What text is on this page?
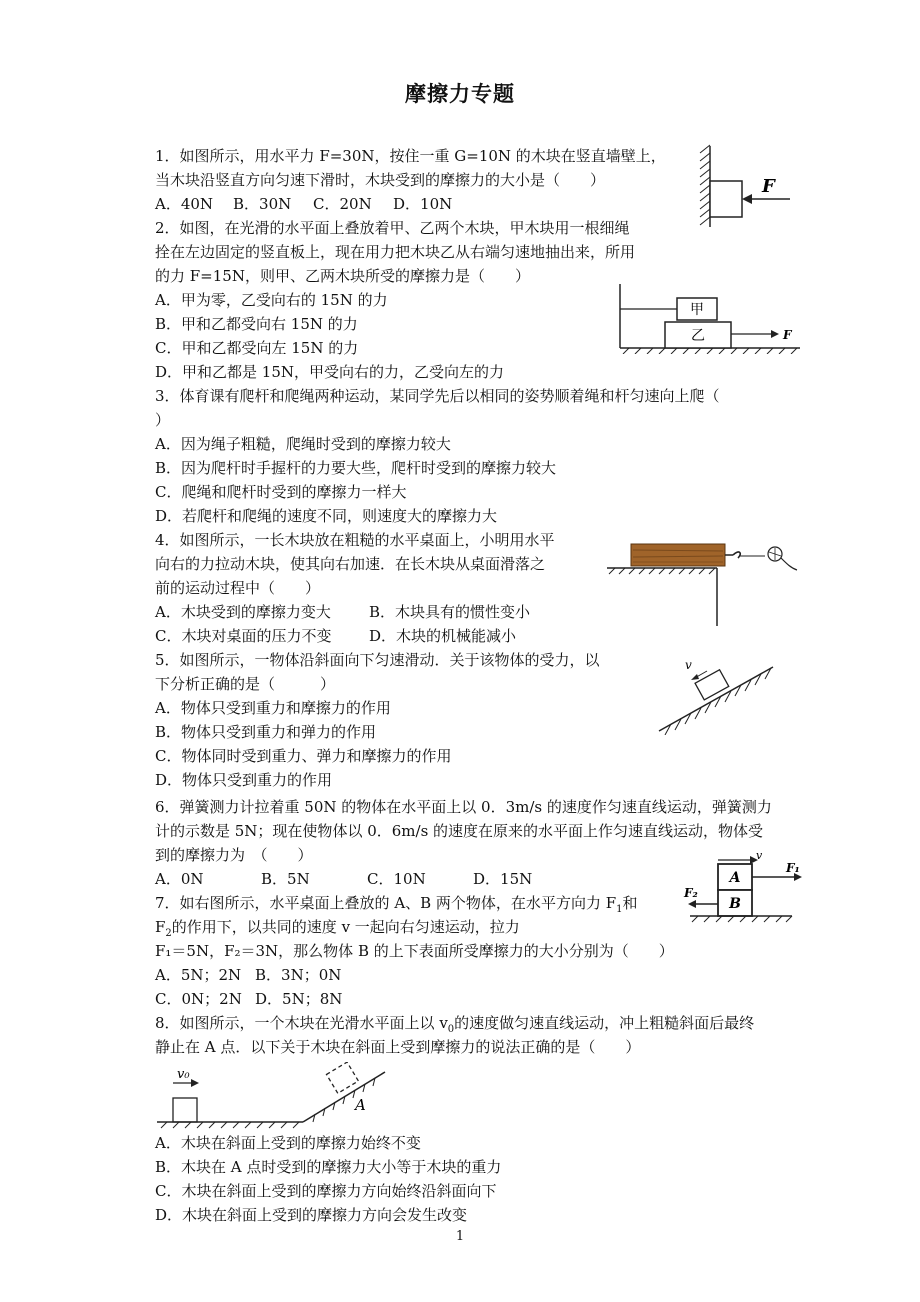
摩擦力专题
1．如图所示，用水平力 F=30N，按住一重 G=10N 的木块在竖直墙壁上，
当木块沿竖直方向匀速下滑时，木块受到的摩擦力的大小是（　　）
A．40N B．30N C．20N D．10N
F
2．如图，在光滑的水平面上叠放着甲、乙两个木块，甲木块用一根细绳
拴在左边固定的竖直板上，现在用力把木块乙从右端匀速地抽出来，所用
的力 F=15N，则甲、乙两木块所受的摩擦力是（　　）
A．甲为零，乙受向右的 15N 的力
B．甲和乙都受向右 15N 的力
C．甲和乙都受向左 15N 的力
D．甲和乙都是 15N，甲受向右的力，乙受向左的力
甲
乙	F
3．体育课有爬杆和爬绳两种运动，某同学先后以相同的姿势顺着绳和杆匀速向上爬（
）
A．因为绳子粗糙，爬绳时受到的摩擦力较大
B．因为爬杆时手握杆的力要大些，爬杆时受到的摩擦力较大
C．爬绳和爬杆时受到的摩擦力一样大
D．若爬杆和爬绳的速度不同，则速度大的摩擦力大
4．如图所示，一长木块放在粗糙的水平桌面上，小明用水平
向右的力拉动木块，使其向右加速．在长木块从桌面滑落之
前的运动过程中（　　）
A．木块受到的摩擦力变大	B．木块具有的惯性变小
C．木块对桌面的压力不变	D．木块的机械能减小
5．如图所示，一物体沿斜面向下匀速滑动．关于该物体的受力，以
下分析正确的是（　　　）
A．物体只受到重力和摩擦力的作用
B．物体只受到重力和弹力的作用
C．物体同时受到重力、弹力和摩擦力的作用
D．物体只受到重力的作用
v
6．弹簧测力计拉着重 50N 的物体在水平面上以 0．3m/s 的速度作匀速直线运动，弹簧测力
计的示数是 5N；现在使物体以 0．6m/s 的速度在原来的水平面上作匀速直线运动，物体受
到的摩擦力为　（　　）
A．0N	B．5N	C．10N	D．15N
7．如右图所示，水平桌面上叠放的 A、B 两个物体，在水平方向力 $F_1$和
$F_2$的作用下，以共同的速度 v 一起向右匀速运动，拉力
F₁＝5N，F₂＝3N，那么物体 B 的上下表面所受摩擦力的大小分别为（　　）
A．5N；2N B．3N；0N
C．0N；2N D．5N；8N
v
A
B
F₁
F₂
8．如图所示，一个木块在光滑水平面上以 $v_0$的速度做匀速直线运动，冲上粗糙斜面后最终
静止在 A 点．以下关于木块在斜面上受到摩擦力的说法正确的是（　　）
v₀
A
A．木块在斜面上受到的摩擦力始终不变
B．木块在 A 点时受到的摩擦力大小等于木块的重力
C．木块在斜面上受到的摩擦力方向始终沿斜面向下
D．木块在斜面上受到的摩擦力方向会发生改变
1
